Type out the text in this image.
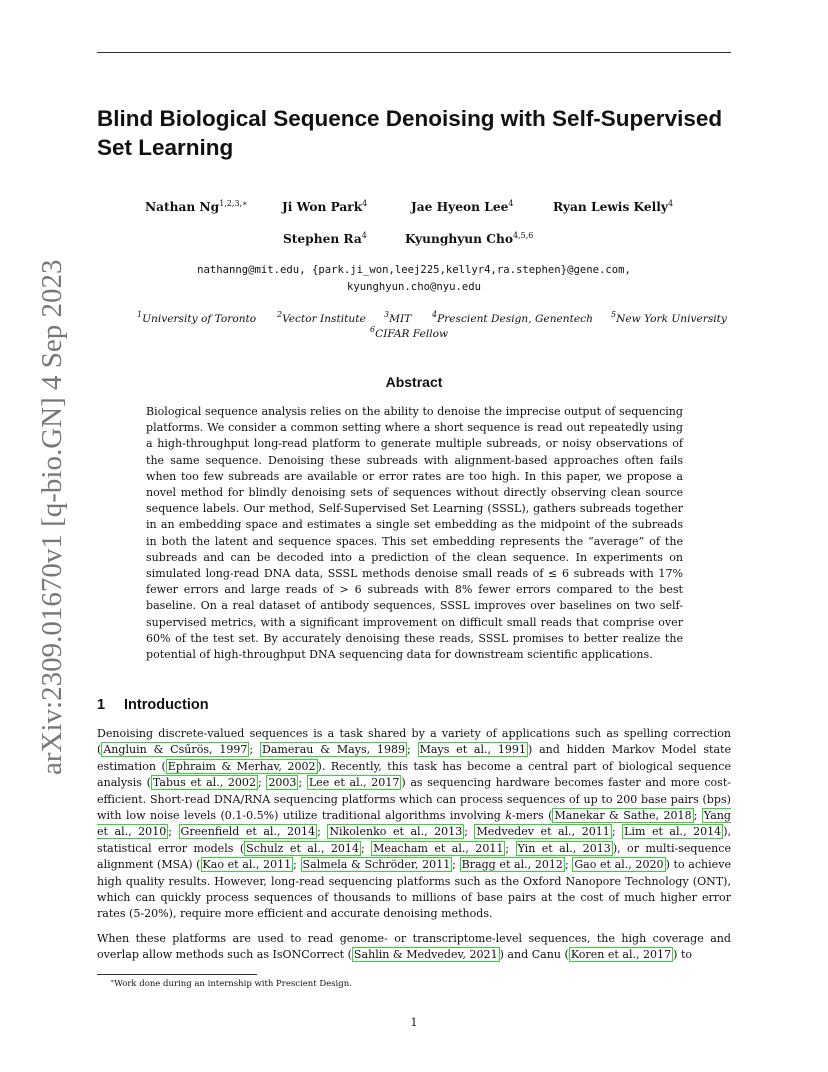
arXiv:2309.01670v1 [q-bio.GN] 4 Sep 2023
Blind Biological Sequence Denoising with Self-Supervised Set Learning
Nathan $Ng^{1,2,3,∗}$	Ji Won Park$^4$	Jae Hyeon Lee$^4$	Ryan Lewis Kelly$^4$
Stephen Ra$^4$	Kyunghyun Cho$^{4,5,6}$
nathanng@mit.edu, {park.ji_won,leej225,kellyr4,ra.stephen}@gene.com,
kyunghyun.cho@nyu.edu
$^1$University of Toronto	$^2$Vector Institute $^3$MIT	$^4$Prescient Design, Genentech $^5$New York University
$^6$CIFAR Fellow
Abstract

Biological sequence analysis relies on the ability to denoise the imprecise output of sequencing platforms. We consider a common setting where a short sequence is read out repeatedly using a high-throughput long-read platform to generate multiple subreads, or noisy observations of the same sequence. Denoising these subreads with alignment-based approaches often fails when too few subreads are available or error rates are too high. In this paper, we propose a novel method for blindly denoising sets of sequences without directly observing clean source sequence labels. Our method, Self-Supervised Set Learning (SSSL), gathers subreads together in an embedding space and estimates a single set embedding as the midpoint of the subreads in both the latent and sequence spaces. This set embedding represents the “average” of the subreads and can be decoded into a prediction of the clean sequence. In experiments on simulated long-read DNA data, SSSL methods denoise small reads of ≤ 6 subreads with 17% fewer errors and large reads of > 6 subreads with 8% fewer errors compared to the best baseline. On a real dataset of antibody sequences, SSSL improves over baselines on two self-supervised metrics, with a significant improvement on difficult small reads that comprise over 60% of the test set. By accurately denoising these reads, SSSL promises to better realize the potential of high-throughput DNA sequencing data for downstream scientific applications.

1 Introduction

Denoising discrete-valued sequences is a task shared by a variety of applications such as spelling correction ( Angluin & Csűrös, 1997 ; Damerau & Mays, 1989 ; Mays et al., 1991 ) and hidden Markov Model state estimation ( Ephraim & Merhav, 2002 ). Recently, this task has become a central part of biological sequence analysis ( Tabus et al., 2002 ; 2003 ; Lee et al., 2017 ) as sequencing hardware becomes faster and more cost-efficient. Short-read DNA/RNA sequencing platforms which can process sequences of up to 200 base pairs (bps) with low noise levels (0.1-0.5%) utilize traditional algorithms involving k-mers ( Manekar & Sathe, 2018 ; Yang et al., 2010 ; Greenfield et al., 2014 ; Nikolenko et al., 2013 ; Medvedev et al., 2011 ; Lim et al., 2014 ), statistical error models ( Schulz et al., 2014 ; Meacham et al., 2011 ; Yin et al., 2013 ), or multi-sequence alignment (MSA) ( Kao et al., 2011 ; Salmela & Schröder, 2011 ; Bragg et al., 2012 ; Gao et al., 2020 ) to achieve high quality results. However, long-read sequencing platforms such as the Oxford Nanopore Technology (ONT), which can quickly process sequences of thousands to millions of base pairs at the cost of much higher error rates (5-20%), require more efficient and accurate denoising methods.

When these platforms are used to read genome- or transcriptome-level sequences, the high coverage and overlap allow methods such as IsONCorrect ( Sahlin & Medvedev, 2021 ) and Canu ( Koren et al., 2017 ) to

∗Work done during an internship with Prescient Design.
1
